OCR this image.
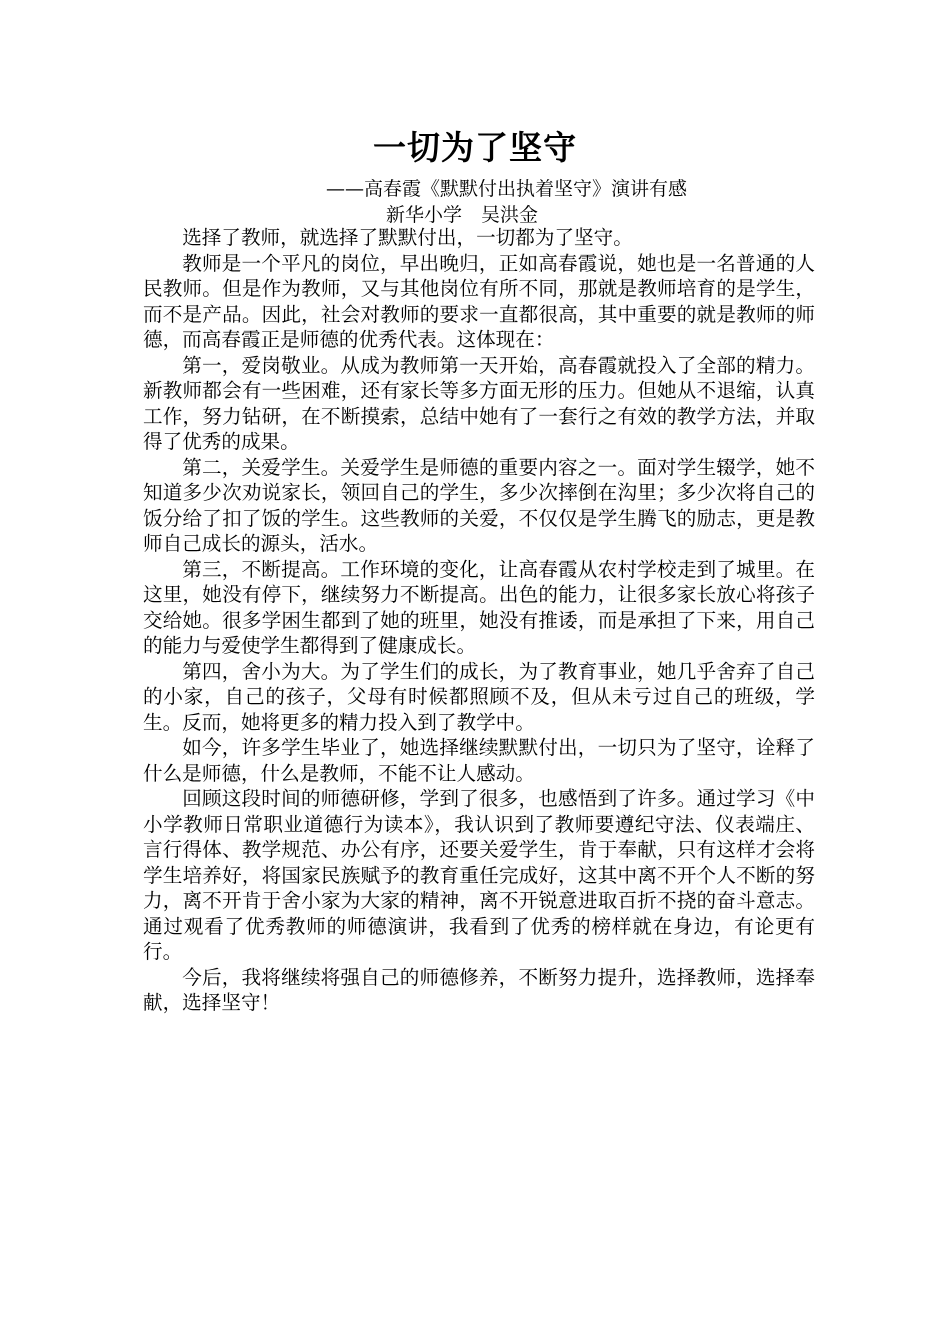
一切为了坚守
——高春霞《默默付出执着坚守》演讲有感
新华小学　吴洪金

选择了教师，就选择了默默付出，一切都为了坚守。

教师是一个平凡的岗位，早出晚归，正如高春霞说，她也是一名普通的人民教师。但是作为教师，又与其他岗位有所不同，那就是教师培育的是学生，而不是产品。因此，社会对教师的要求一直都很高，其中重要的就是教师的师德，而高春霞正是师德的优秀代表。这体现在：

第一，爱岗敬业。从成为教师第一天开始，高春霞就投入了全部的精力。新教师都会有一些困难，还有家长等多方面无形的压力。但她从不退缩，认真工作，努力钻研，在不断摸索，总结中她有了一套行之有效的教学方法，并取得了优秀的成果。

第二，关爱学生。关爱学生是师德的重要内容之一。面对学生辍学，她不知道多少次劝说家长，领回自己的学生，多少次摔倒在沟里；多少次将自己的饭分给了扣了饭的学生。这些教师的关爱，不仅仅是学生腾飞的励志，更是教师自己成长的源头，活水。

第三，不断提高。工作环境的变化，让高春霞从农村学校走到了城里。在这里，她没有停下，继续努力不断提高。出色的能力，让很多家长放心将孩子交给她。很多学困生都到了她的班里，她没有推诿，而是承担了下来，用自己的能力与爱使学生都得到了健康成长。

第四，舍小为大。为了学生们的成长，为了教育事业，她几乎舍弃了自己的小家，自己的孩子，父母有时候都照顾不及，但从未亏过自己的班级，学生。反而，她将更多的精力投入到了教学中。

如今，许多学生毕业了，她选择继续默默付出，一切只为了坚守，诠释了什么是师德，什么是教师，不能不让人感动。

回顾这段时间的师德研修，学到了很多，也感悟到了许多。通过学习《中小学教师日常职业道德行为读本》，我认识到了教师要遵纪守法、仪表端庄、言行得体、教学规范、办公有序，还要关爱学生，肯于奉献，只有这样才会将学生培养好，将国家民族赋予的教育重任完成好，这其中离不开个人不断的努力，离不开肯于舍小家为大家的精神，离不开锐意进取百折不挠的奋斗意志。通过观看了优秀教师的师德演讲，我看到了优秀的榜样就在身边，有论更有行。

今后，我将继续将强自己的师德修养，不断努力提升，选择教师，选择奉献，选择坚守！
